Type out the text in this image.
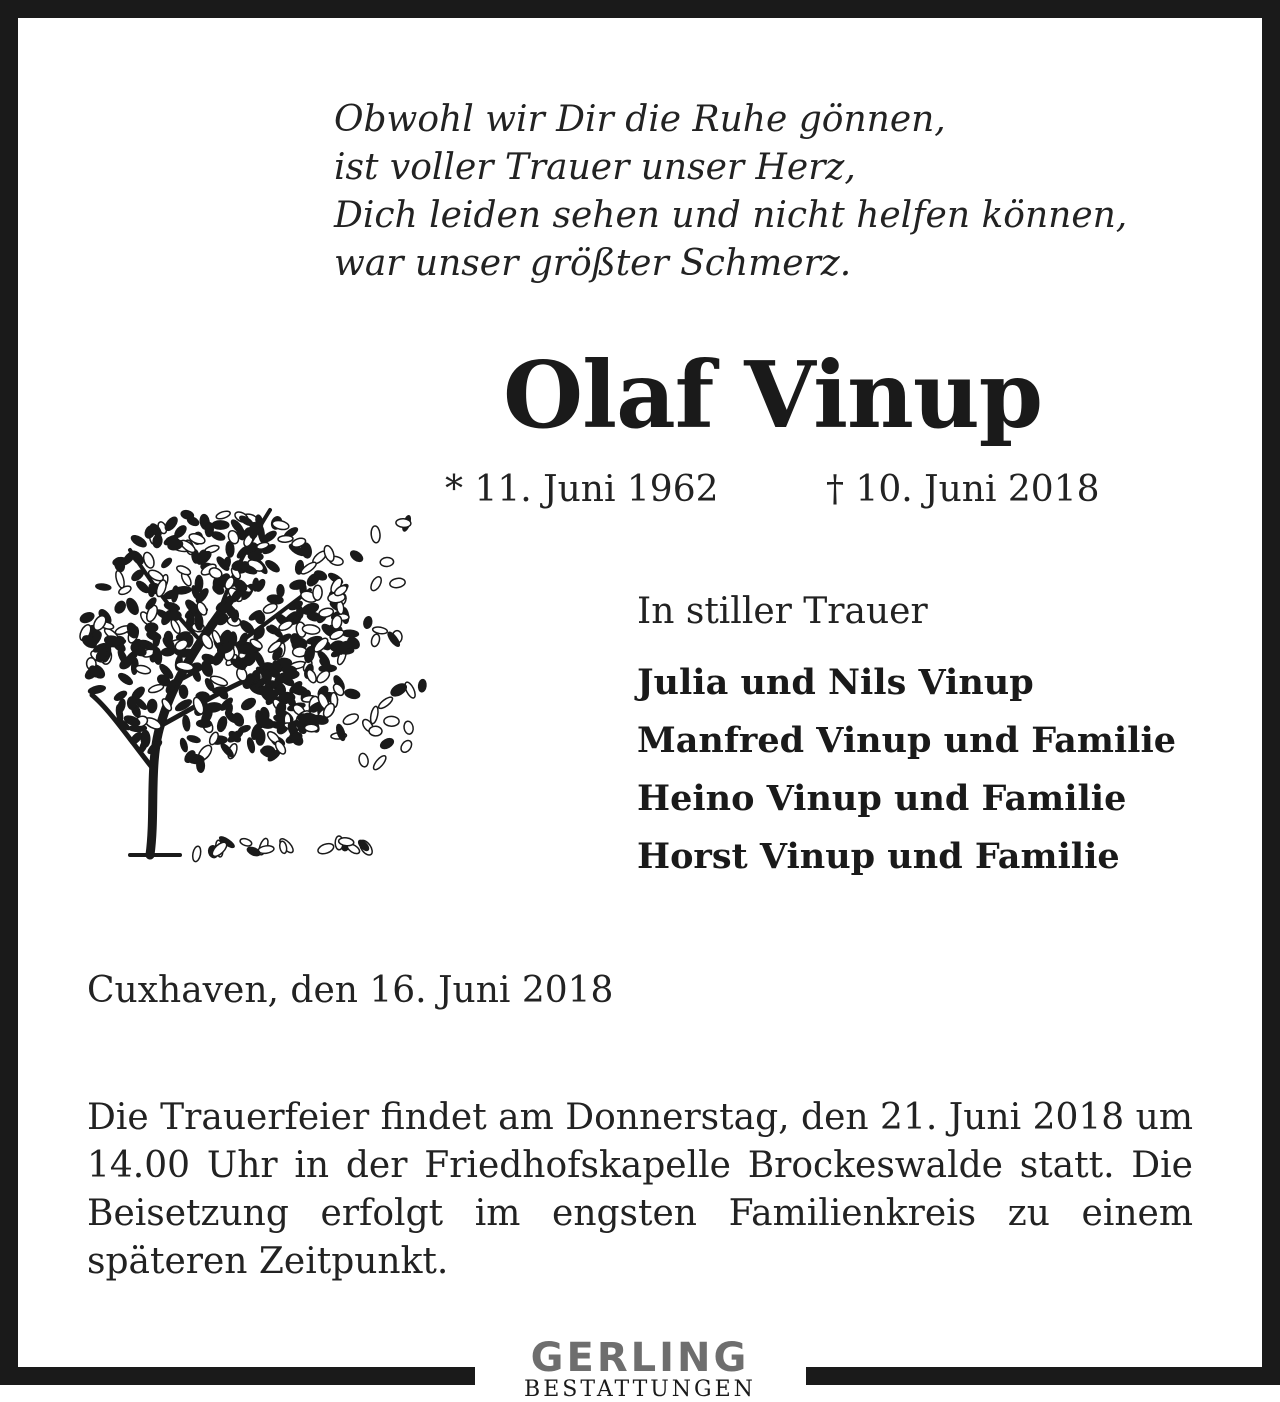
Obwohl wir Dir die Ruhe gönnen,
ist voller Trauer unser Herz,
Dich leiden sehen und nicht helfen können,
war unser größter Schmerz.
Olaf Vinup
* 11. Juni 1962	† 10. Juni 2018
In stiller Trauer
Julia und Nils Vinup
Manfred Vinup und Familie
Heino Vinup und Familie
Horst Vinup und Familie
Cuxhaven, den 16. Juni 2018
Die Trauerfeier findet am Donnerstag, den 21. Juni 2018 um 14.00 Uhr in der Friedhofskapelle Brockeswalde statt. Die Beisetzung erfolgt im engsten Familienkreis zu einem späteren Zeitpunkt.
GERLING
BESTATTUNGEN
